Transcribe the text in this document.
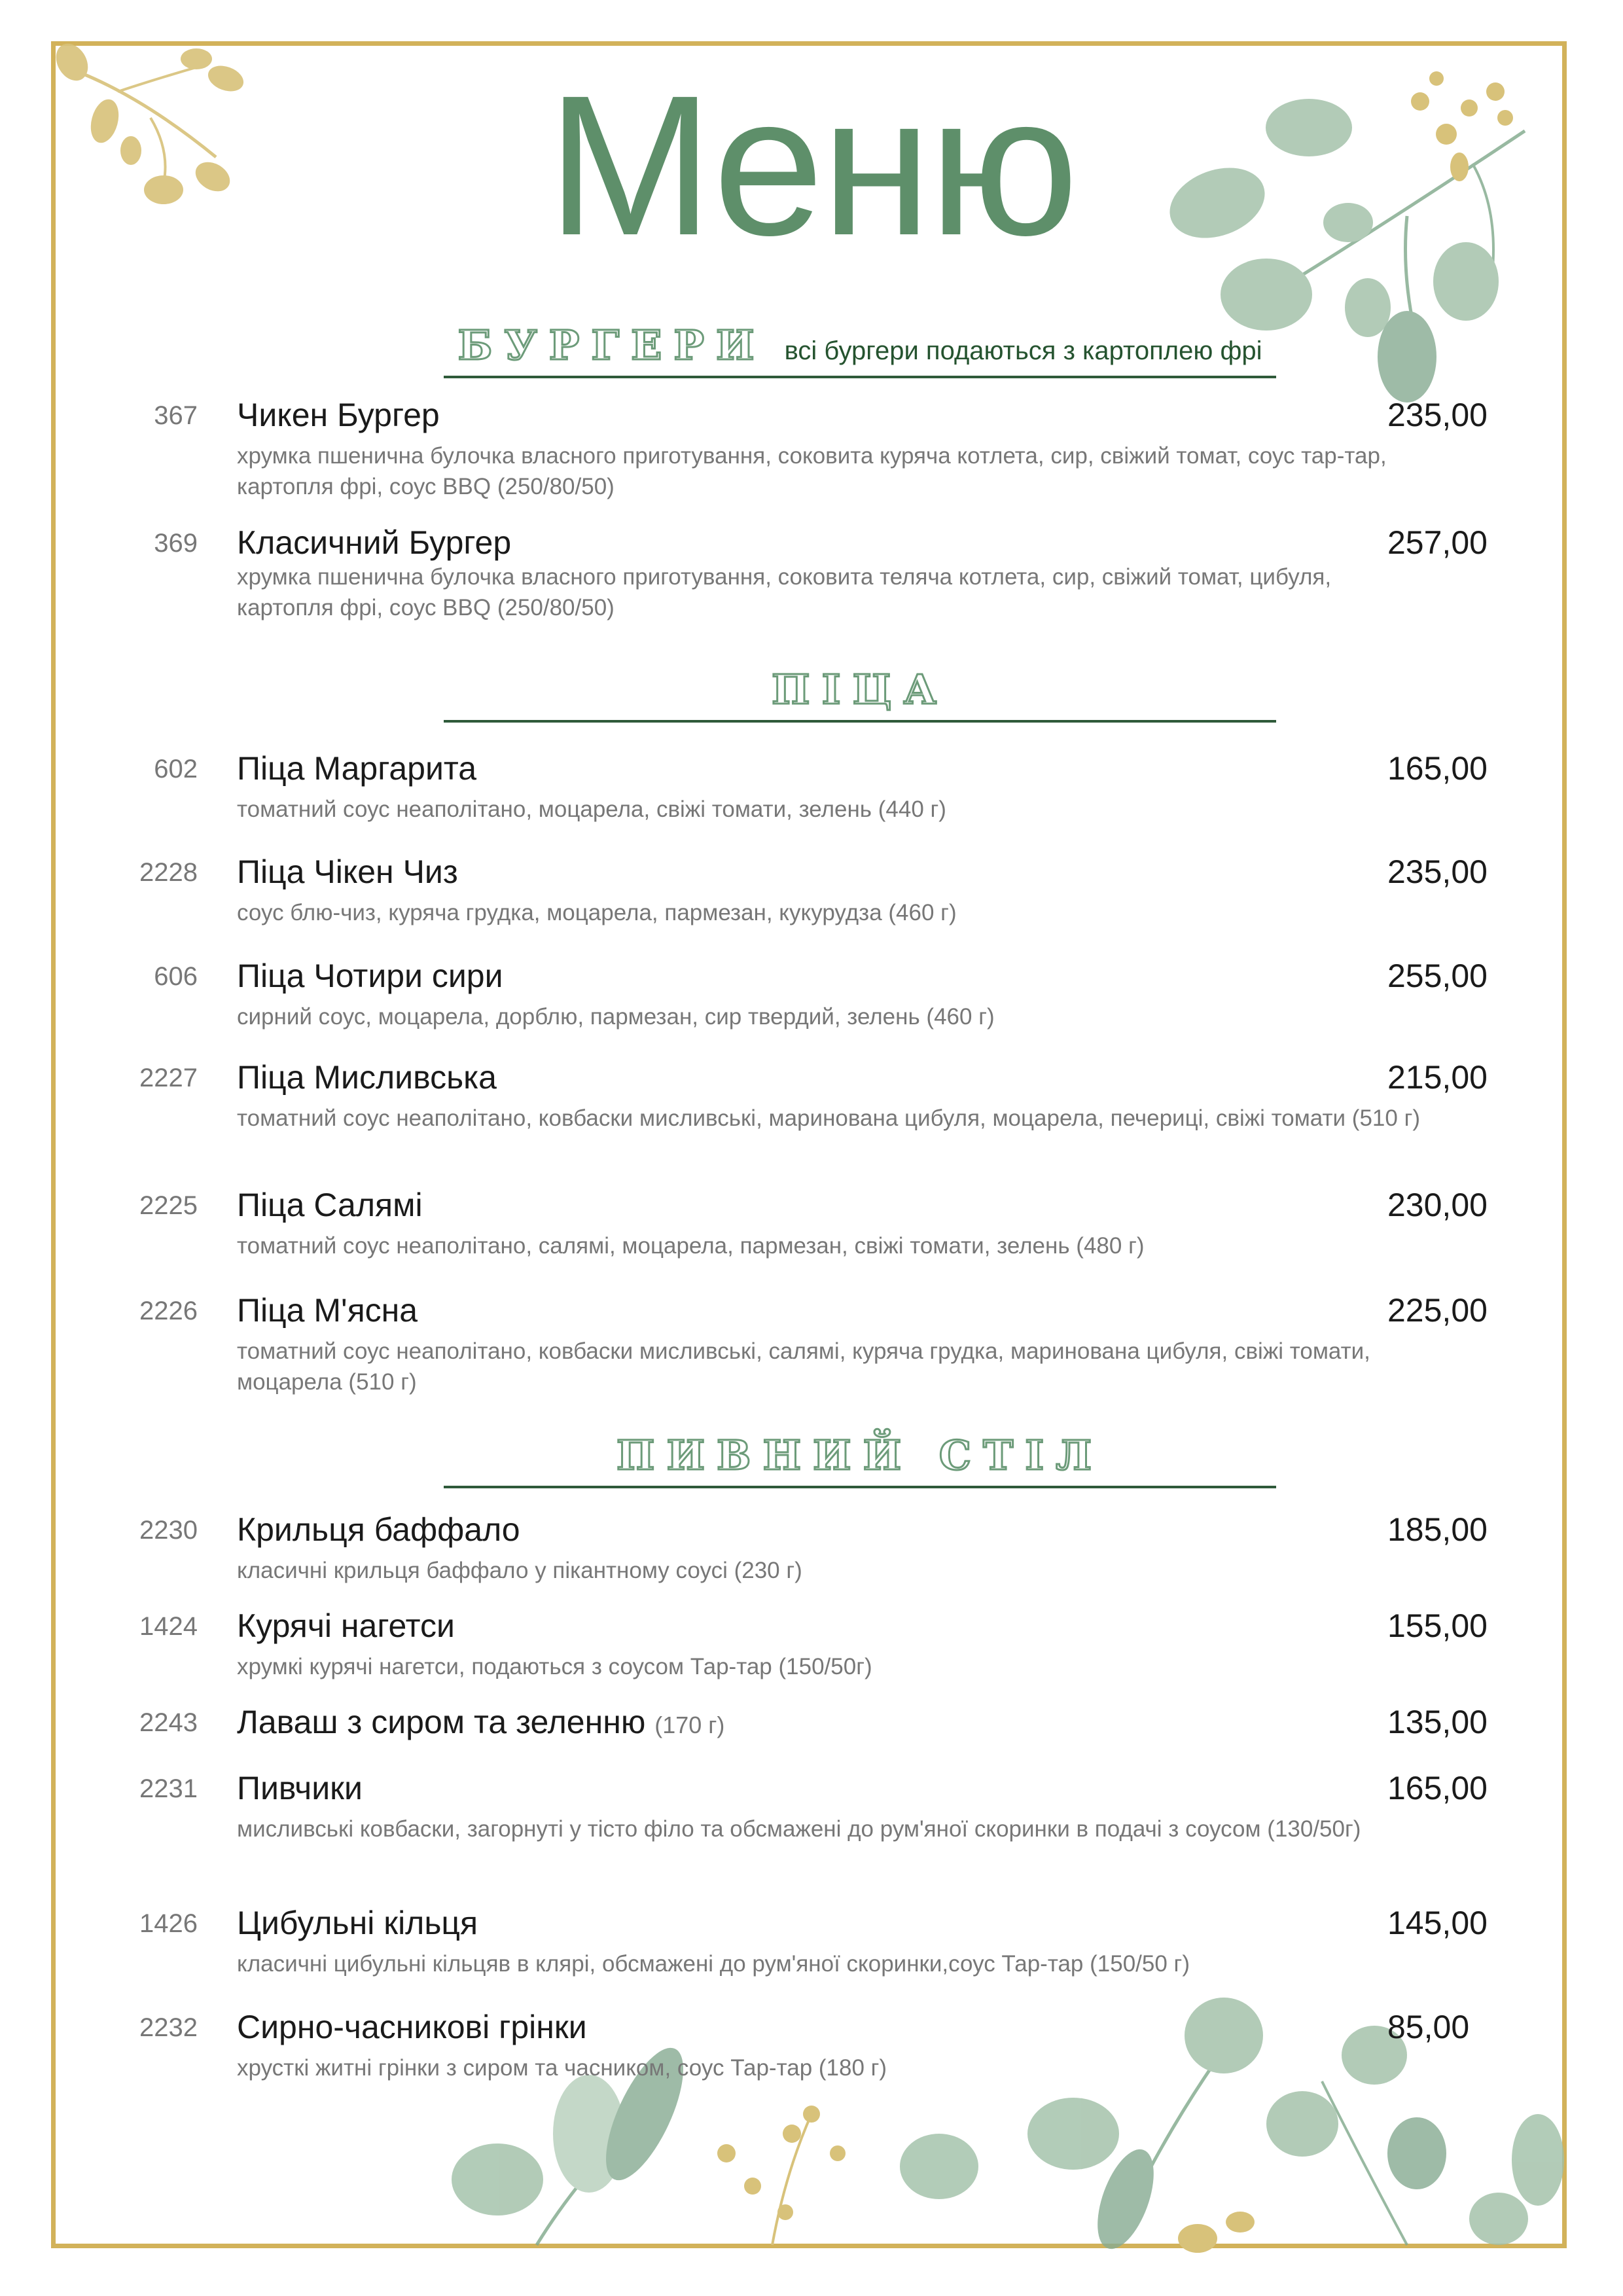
Меню
БУРГЕРИ всі бургери подаються з картоплею фрі
ПІЦА
ПИВНИЙ СТІЛ
367 Чикен Бургер	235,00
хрумка пшенична булочка власного приготування, соковита куряча котлета, сир, свіжий томат, соус тар-тар, картопля фрі, соус BBQ (250/80/50)
369 Класичний Бургер	257,00
хрумка пшенична булочка власного приготування, соковита теляча котлета, сир, свіжий томат, цибуля, картопля фрі, соус BBQ (250/80/50)
602 Піца Маргарита	165,00
томатний соус неаполітано, моцарела, свіжі томати, зелень (440 г)
2228 Піца Чікен Чиз	235,00
соус блю-чиз, куряча грудка, моцарела, пармезан, кукурудза (460 г)
606 Піца Чотири сири	255,00
сирний соус, моцарела, дорблю, пармезан, сир твердий, зелень (460 г)
2227 Піца Мисливська	215,00
томатний соус неаполітано, ковбаски мисливські, маринована цибуля, моцарела, печериці, свіжі томати (510 г)
2225 Піца Салямі	230,00
томатний соус неаполітано, салямі, моцарела, пармезан, свіжі томати, зелень (480 г)
2226 Піца М'ясна	225,00
томатний соус неаполітано, ковбаски мисливські, салямі, куряча грудка, маринована цибуля, свіжі томати, моцарела (510 г)
2230 Крильця баффало	185,00
класичні крильця баффало у пікантному соусі (230 г)
1424 Курячі нагетси	155,00
хрумкі курячі нагетси, подаються з соусом Тар-тар (150/50г)
2243 Лаваш з сиром та зеленню (170 г)	135,00
2231 Пивчики	165,00
мисливські ковбаски, загорнуті у тісто філо та обсмажені до рум'яної скоринки в подачі з соусом (130/50г)
1426 Цибульні кільця	145,00
класичні цибульні кільцяв в клярі, обсмажені до рум'яної скоринки,соус Тар-тар (150/50 г)
2232 Сирно-часникові грінки	85,00
хрусткі житні грінки з сиром та часником, соус Тар-тар (180 г)
